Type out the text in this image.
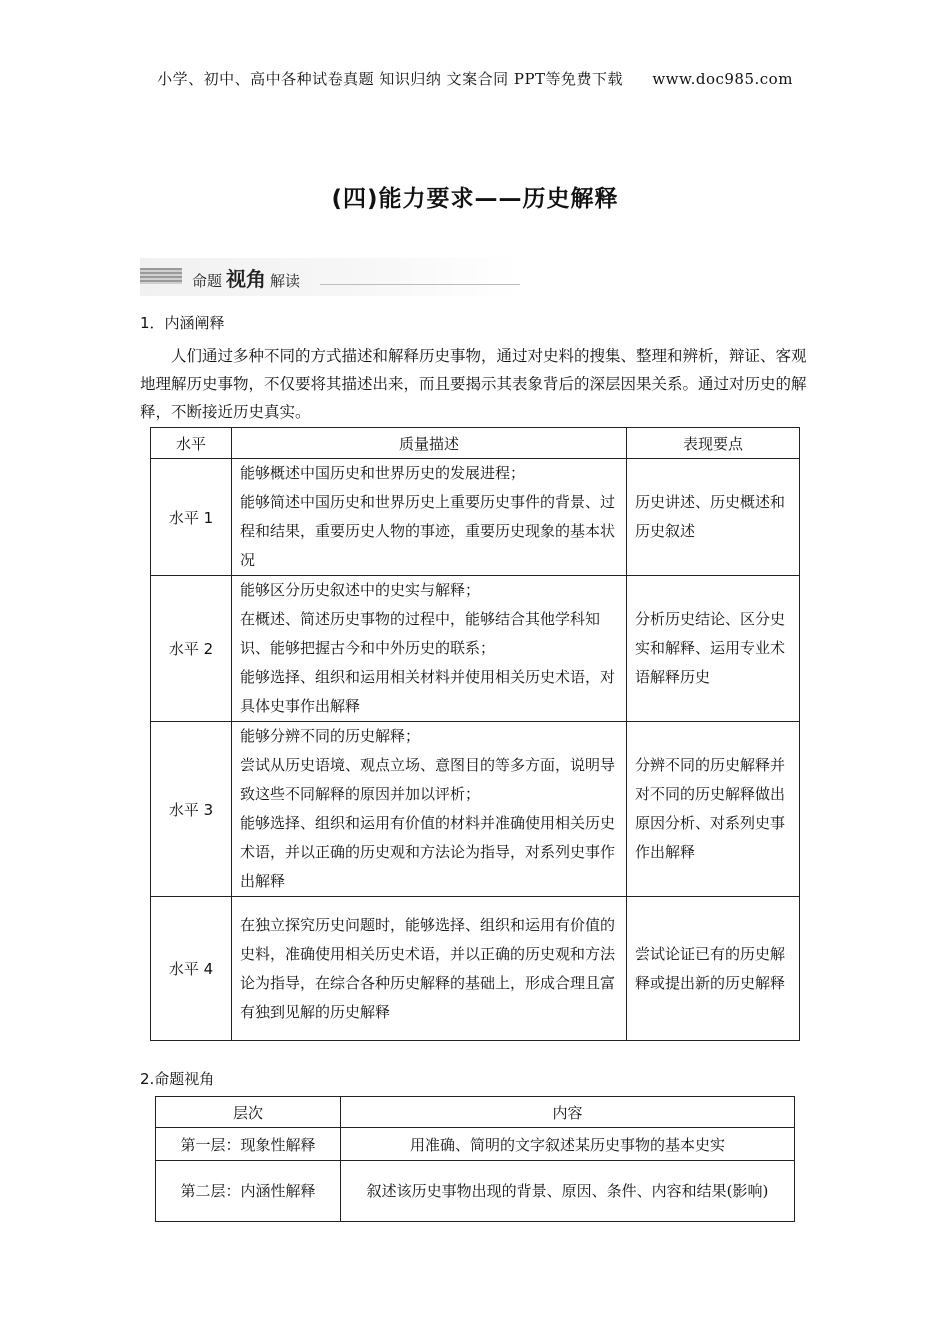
小学、初中、高中各种试卷真题 知识归纳 文案合同 PPT等免费下载 www.doc985.com
(四)能力要求——历史解释
命题 视角 解读
1．内涵阐释

人们通过多种不同的方式描述和解释历史事物，通过对史料的搜集、整理和辨析，辩证、客观地理解历史事物，不仅要将其描述出来，而且要揭示其表象背后的深层因果关系。通过对历史的解释，不断接近历史真实。

水平	质量描述	表现要点
水平 1	能够概述中国历史和世界历史的发展进程；
能够简述中国历史和世界历史上重要历史事件的背景、过程和结果，重要历史人物的事迹，重要历史现象的基本状况	历史讲述、历史概述和历史叙述
水平 2	能够区分历史叙述中的史实与解释；
在概述、简述历史事物的过程中，能够结合其他学科知识、能够把握古今和中外历史的联系；
能够选择、组织和运用相关材料并使用相关历史术语，对具体史事作出解释	分析历史结论、区分史实和解释、运用专业术语解释历史
水平 3	能够分辨不同的历史解释；
尝试从历史语境、观点立场、意图目的等多方面，说明导致这些不同解释的原因并加以评析；
能够选择、组织和运用有价值的材料并准确使用相关历史术语，并以正确的历史观和方法论为指导，对系列史事作出解释	分辨不同的历史解释并对不同的历史解释做出原因分析、对系列史事作出解释
水平 4	在独立探究历史问题时，能够选择、组织和运用有价值的史料，准确使用相关历史术语，并以正确的历史观和方法论为指导，在综合各种历史解释的基础上，形成合理且富有独到见解的历史解释	尝试论证已有的历史解释或提出新的历史解释
2.命题视角
层次	内容
第一层：现象性解释	用准确、简明的文字叙述某历史事物的基本史实
第二层：内涵性解释	叙述该历史事物出现的背景、原因、条件、内容和结果(影响)
